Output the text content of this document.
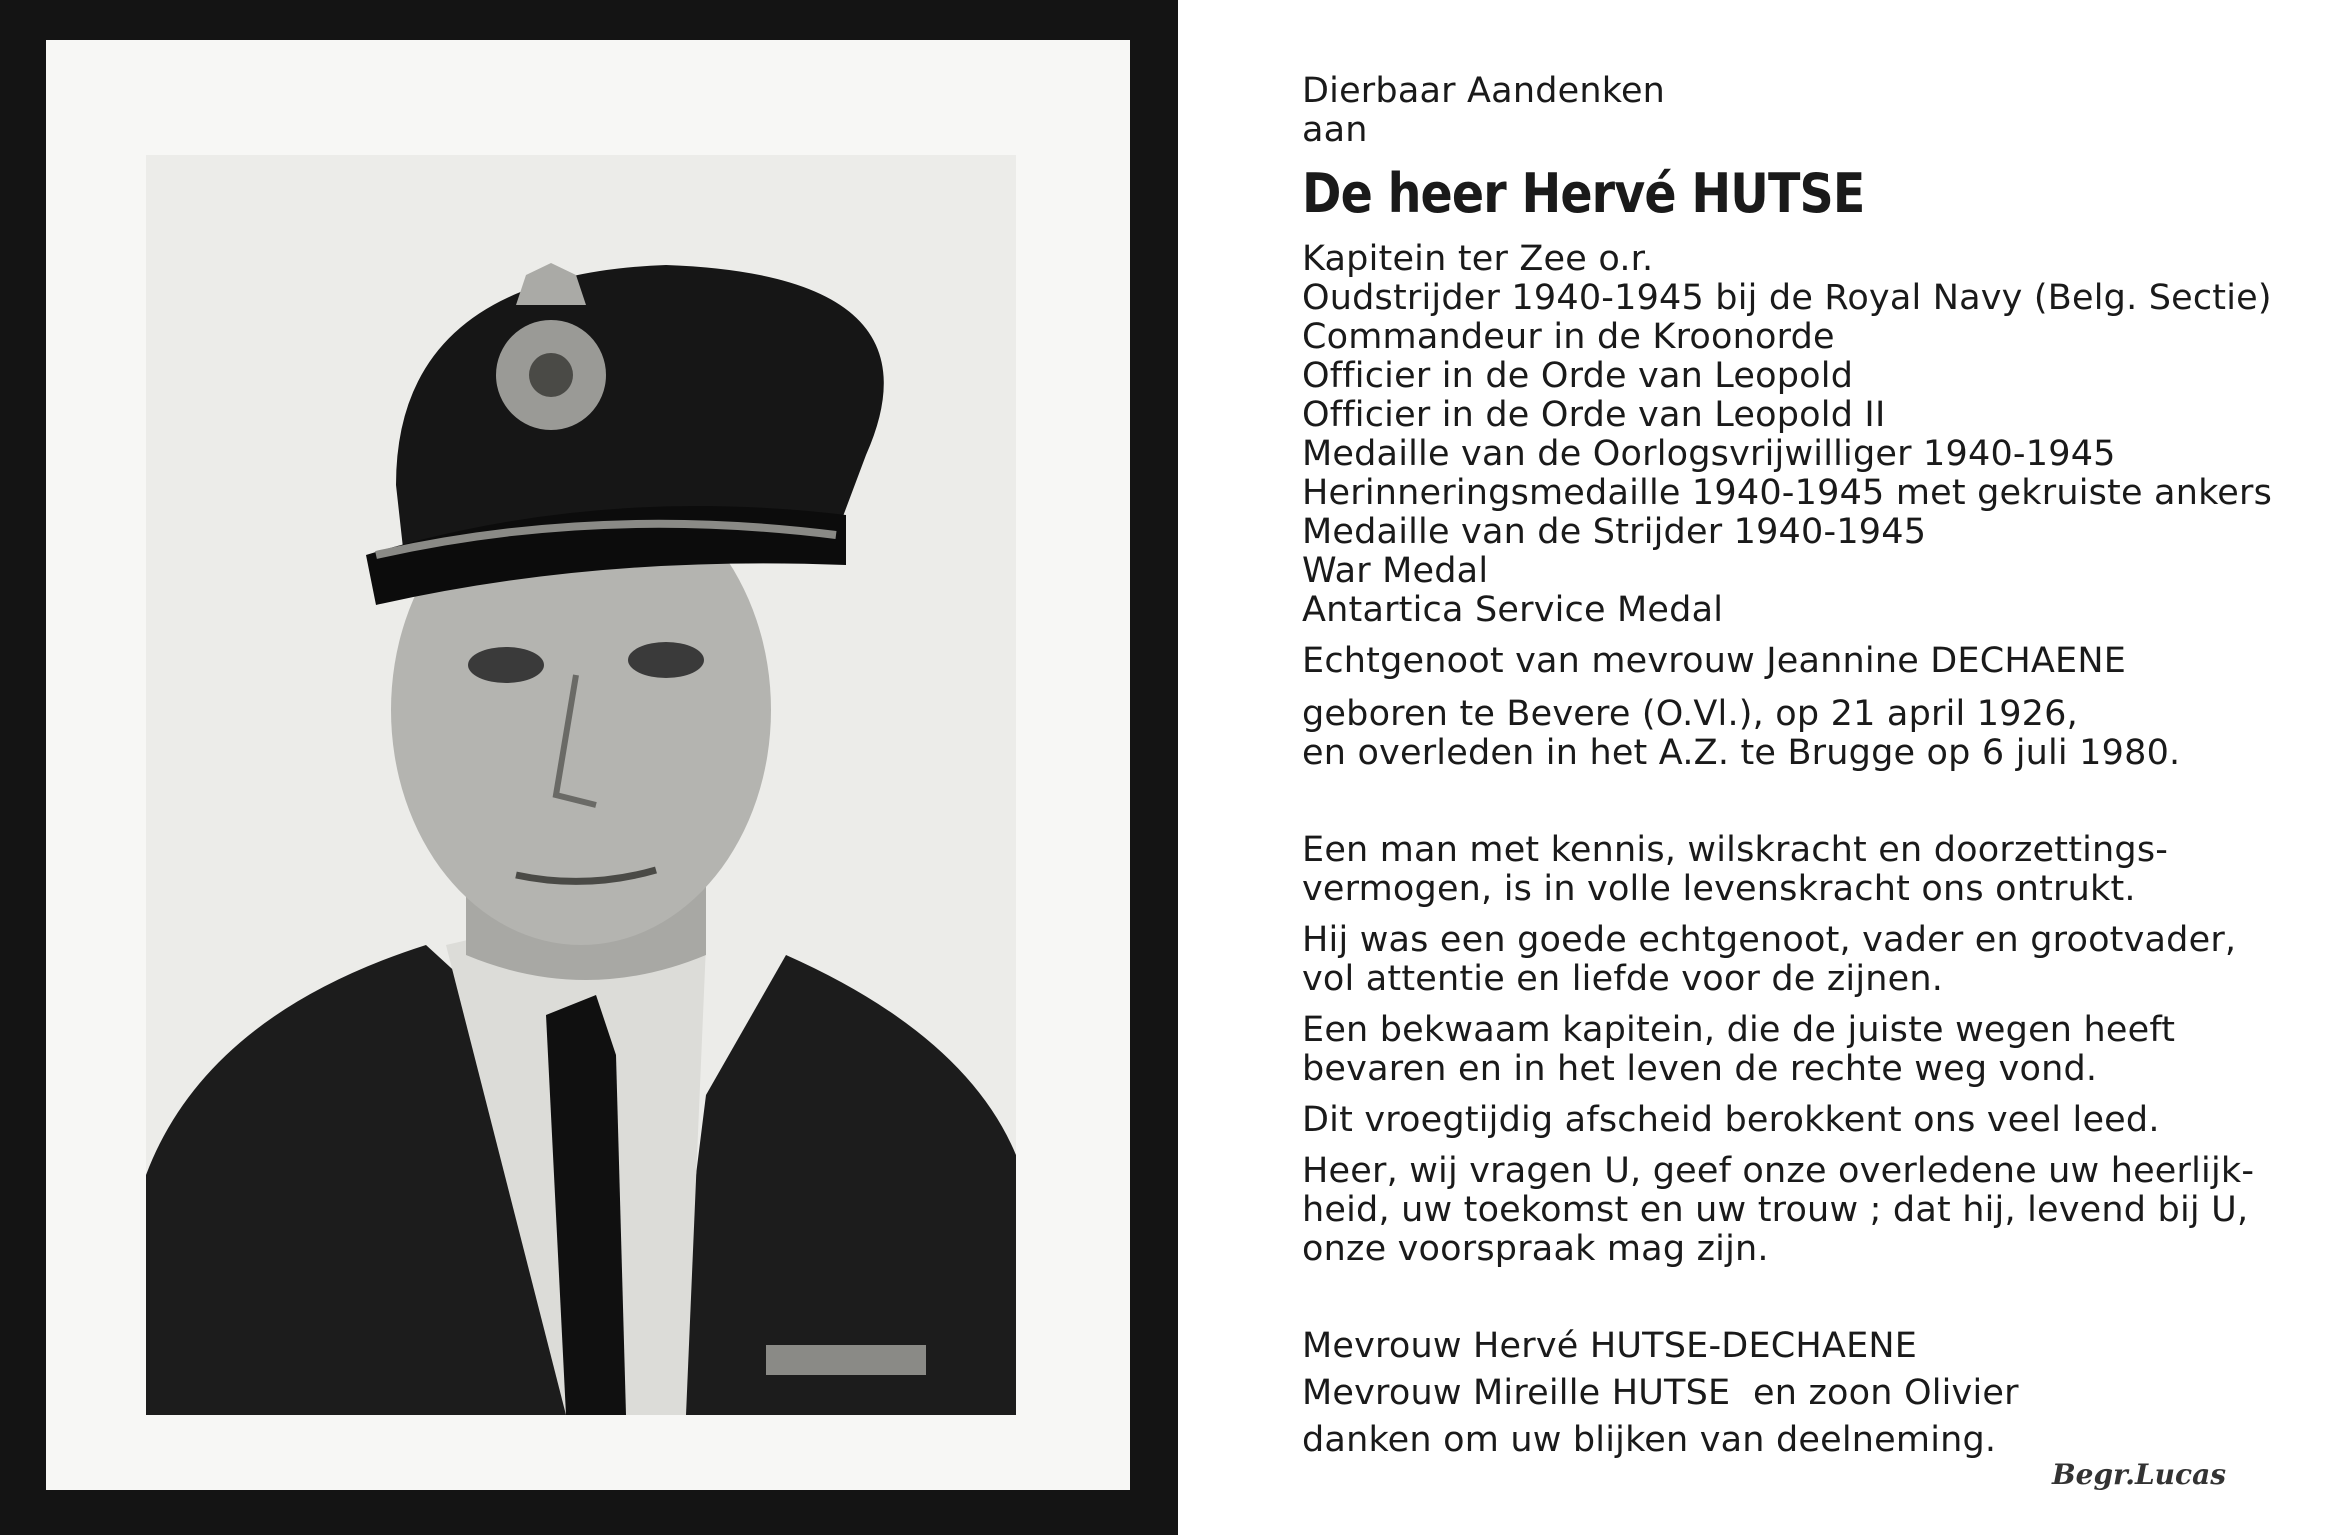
Dierbaar Aandenken
aan
De heer Hervé HUTSE
Kapitein ter Zee o.r.
Oudstrijder 1940-1945 bij de Royal Navy (Belg. Sectie)
Commandeur in de Kroonorde
Officier in de Orde van Leopold
Officier in de Orde van Leopold II
Medaille van de Oorlogsvrijwilliger 1940-1945
Herinneringsmedaille 1940-1945 met gekruiste ankers
Medaille van de Strijder 1940-1945
War Medal
Antartica Service Medal
Echtgenoot van mevrouw Jeannine DECHAENE
geboren te Bevere (O.Vl.), op 21 april 1926,
en overleden in het A.Z. te Brugge op 6 juli 1980.
Een man met kennis, wilskracht en doorzettings-
vermogen, is in volle levenskracht ons ontrukt.
Hij was een goede echtgenoot, vader en grootvader,
vol attentie en liefde voor de zijnen.
Een bekwaam kapitein, die de juiste wegen heeft
bevaren en in het leven de rechte weg vond.
Dit vroegtijdig afscheid berokkent ons veel leed.
Heer, wij vragen U, geef onze overledene uw heerlijk-
heid, uw toekomst en uw trouw ; dat hij, levend bij U,
onze voorspraak mag zijn.
Mevrouw Hervé HUTSE-DECHAENE
Mevrouw Mireille HUTSE  en zoon Olivier
danken om uw blijken van deelneming.
Begr.Lucas
